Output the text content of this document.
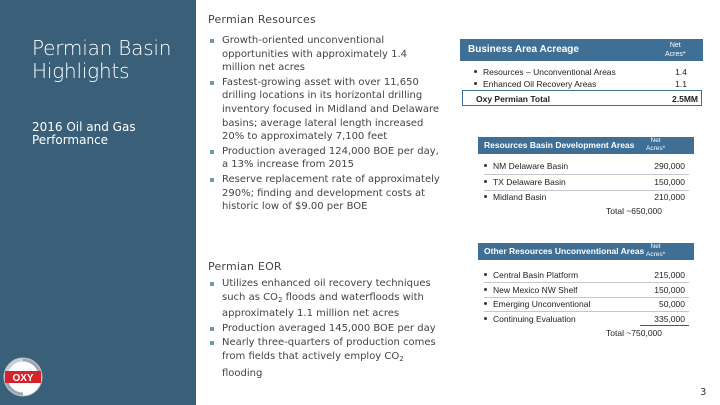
Permian Basin Highlights
2016 Oil and Gas Performance
OXY
Permian Resources
Growth-oriented unconventional opportunities with approximately 1.4 million net acres
Fastest-growing asset with over 11,650 drilling locations in its horizontal drilling inventory focused in Midland and Delaware basins; average lateral length increased 20% to approximately 7,100 feet
Production averaged 124,000 BOE per day, a 13% increase from 2015
Reserve replacement rate of approximately 290%; finding and development costs at historic low of $9.00 per BOE
Permian EOR
Utilizes enhanced oil recovery techniques such as $CO_2$ floods and waterfloods with approximately 1.1 million net acres
Production averaged 145,000 BOE per day
Nearly three-quarters of production comes from fields that actively employ $CO_2$ flooding
Business Area Acreage	Net
Acres*
Resources – Unconventional Areas	1.4
Enhanced Oil Recovery Areas	1.1
Oxy Permian Total	2.5MM
Resources Basin Development Areas	Net
Acres*
NM Delaware Basin	290,000
TX Delaware Basin	150,000
Midland Basin	210,000
Total ~650,000
Other Resources Unconventional Areas Net
Acres*
Central Basin Platform	215,000
New Mexico NW Shelf	150,000
Emerging Unconventional	50,000
Continuing Evaluation	335,000
Total ~750,000
3
